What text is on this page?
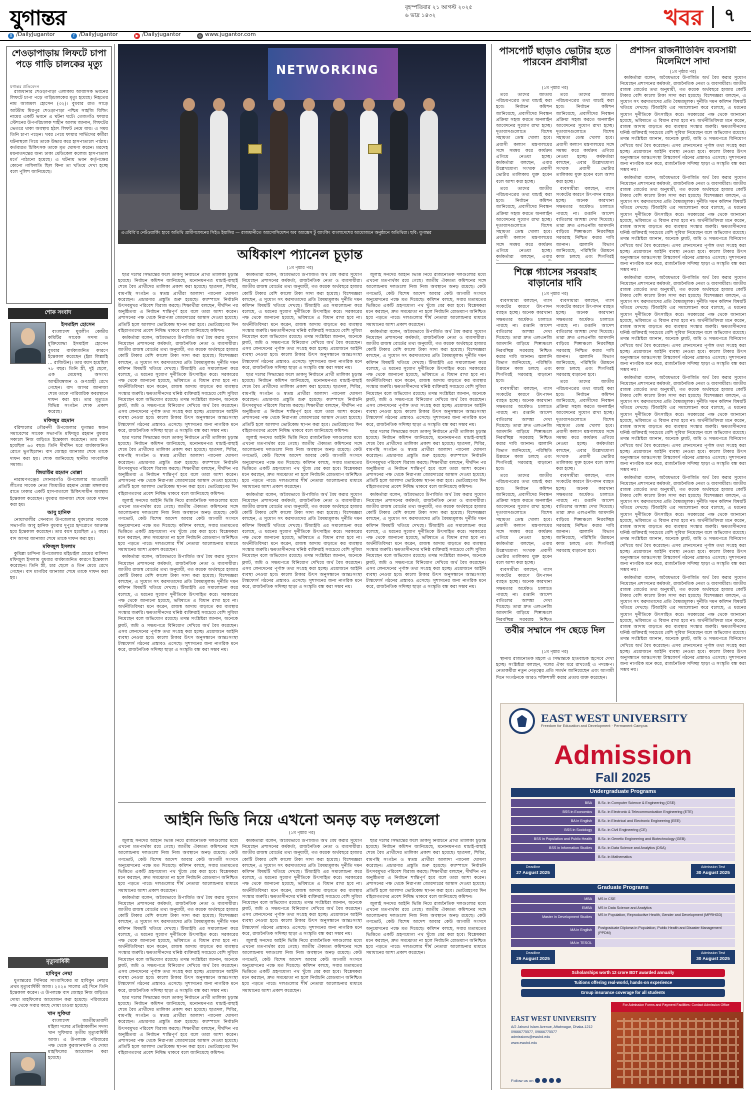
যুগান্তর	বৃহস্পতিবার ২১ আগস্ট ২০২৫
৬ ভাদ্র ১৪৩২	খবর ৭
X /DailyJugantor	f /DailyJugantor	▶ /Dailyjugantor	◎ www.jugantor.com
শেওড়াপাড়ায় লিফটে চাপা পড়ে গাড়ি চালকের মৃত্যু
যুগান্তর প্রতিবেদন

রাজধানীর শেওড়াপাড়া এলাকায় আবাসিক ভবনের লিফটে চাপা পড়ে গাড়িচালকের মৃত্যু হয়েছে। নিহতের নাম আজমল হোসেন (৩২)। বুধবার রাত সাড়ে আটটায় মিরপুর শেওড়াপাড়া পশ্চিম সাহজি বিল্ডিং নামের একটি ভবনে এ ঘটনা ঘটে। তেজগাঁও ফায়ার স্টেশনের উপপরিচালক শাহীন আলম জানান, লিফটের ভেতরে থাকা অবস্থায় হঠাৎ লিফট নেমে যায়। এ সময় তিনি চাপা পড়েন। খবর পেয়ে ফায়ার সার্ভিসের কর্মীরা ঘটনাস্থলে গিয়ে তাকে উদ্ধার করে হাসপাতালে পাঠায়। কর্তব্যরত চিকিৎসক তাকে মৃত ঘোষণা করেন। মরদেহ ময়নাতদন্তের জন্য ঢাকা মেডিকেল কলেজ হাসপাতাল মর্গে পাঠানো হয়েছে। এ ঘটনায় ভবন কর্তৃপক্ষের কোনো গাফিলতি ছিল কিনা তা খতিয়ে দেখা হচ্ছে বলে পুলিশ জানিয়েছে।

শোক সংবাদ
ইসমাইল হোসেন

বাংলাদেশ যুবলীগ কেন্দ্রীয় কমিটির সাবেক সদস্য ও মুক্তিযোদ্ধা ইসমাইল হোসেন বুধবার বার্ধক্যজনিত কারণে ইন্তেকাল করেছেন (ইন্না লিল্লাহি ... রাজিউন)। তার বয়স হয়েছিল ৭৮ বছর। তিনি স্ত্রী, দুই ছেলে, এক মেয়েসহ অসংখ্য আত্মীয়স্বজন ও গুণগ্রাহী রেখে গেছেন। বাদ আসর জানাজা শেষে তাকে পারিবারিক কবরস্থানে দাফন করা হয়। তার মৃত্যুতে বিভিন্ন সংগঠন শোক প্রকাশ করেছে।

মফিজুর রহমান

বরিশালের গৌরনদী উপজেলার যুগান্তর স্বজন সমাবেশের সাবেক সভাপতি মফিজুর রহমান বুধবার সকালে নিজ বাড়িতে ইন্তেকাল করেছেন। তার বয়স হয়েছিল ৬৫ বছর। তিনি দীর্ঘদিন ধরে বার্ধক্যজনিত রোগে ভুগছিলেন। বাদ জোহর জানাজা শেষে তাকে দাফন করা হয়। শোক জানিয়েছে স্থানীয় সাংবাদিক সমাজ।

জিয়াউর রহমান মোল্লা

নারায়ণগঞ্জের সোনারগাঁও উপজেলার আওয়ামী লীগের সাবেক নেতা জিয়াউর রহমান মোল্লা মঙ্গলবার রাতে ঢাকার একটি হাসপাতালে চিকিৎসাধীন অবস্থায় ইন্তেকাল করেছেন। বুধবার জানাজা শেষে তাকে দাফন করা হয়।

আবু হানিফ

নোয়াখালীর সেনবাগ উপজেলার যুবদলের সাবেক সভাপতি আবু হানিফ বুধবার দুপুরে হৃদরোগে আক্রান্ত হয়ে ইন্তেকাল করেছেন। তার বয়স হয়েছিল ৫২ বছর। বাদ আসর জানাজা শেষে তাকে দাফন করা হয়।

মফিজুল ইসলাম

কুমিল্লা চান্দিনা উপজেলার মহিচাইল গ্রামের বাসিন্দা মফিজুল ইসলাম বুধবার বার্ধক্যজনিত কারণে ইন্তেকাল করেছেন। তিনি স্ত্রী, চার ছেলে ও তিন মেয়ে রেখে গেছেন। বাদ মাগরিব জানাজা শেষে তাকে দাফন করা হয়।

মৃত্যুবার্ষিকী
হাবিবুন নেছা

যুগান্তরের সিনিয়র সাংবাদিকের মা হাবিবুন নেছার প্রথম মৃত্যুবার্ষিকী আজ। ২০২৪ সালের এই দিনে তিনি ইন্তেকাল করেন। এ উপলক্ষে বাদ জোহর নিজ বাড়িতে দোয়া মাহফিলের আয়োজন করা হয়েছে। পরিবারের পক্ষ থেকে সবার কাছে দোয়া চাওয়া হয়েছে।

খান সুফিয়া

বাংলাদেশ জাতীয়তাবাদী মহিলা দলের প্রতিষ্ঠাকালীন সদস্য খান সুফিয়ার তৃতীয় মৃত্যুবার্ষিকী আজ। এ উপলক্ষে পরিবারের পক্ষ থেকে কুরআনখানি ও দোয়া মাহফিলের আয়োজন করা হয়েছে।

NETWORKING
এএবিবি’র নেটওয়ার্কিং হাবে অতিথি গ্রামীণফোনের সিইও ইয়াসির — রাজধানীতে অ্যাসোসিয়েশন অব অ্যাক্সেস টু ব্যাংকিং বাংলাদেশের আয়োজনে অনুষ্ঠানে অতিথিরা। ছবি: যুগান্তর
অধিকাংশ প্যানেল চূড়ান্ত
(১ম পৃষ্ঠার পর)

ছাত্র দলের সিদ্ধান্তের ফলে ডাকসু নির্বাচনে প্রার্থী তালিকা চূড়ান্ত হয়েছে। নির্বাচন কমিশন জানিয়েছে, মনোনয়নপত্র যাচাই-বাছাই শেষে বৈধ প্রার্থীদের তালিকা প্রকাশ করা হয়েছে। ছাত্রদল, শিবির, বামপন্থি সংগঠন ও স্বতন্ত্র প্রার্থীরা আলাদা প্যানেল ঘোষণা করেছেন। প্রচারণার প্রস্তুতি শুরু হয়েছে। ক্যাম্পাসে নির্বাচনি উৎসবমুখর পরিবেশ বিরাজ করছে। শিক্ষার্থীরা বলছেন, দীর্ঘদিন পর অনুষ্ঠিতব্য এ নির্বাচন শান্তিপূর্ণ হবে বলে তারা আশা করেন। প্রশাসনের পক্ষ থেকে নিরাপত্তা জোরদারের আশ্বাস দেওয়া হয়েছে। প্রতিটি হলে আলাদা ভোটকেন্দ্র স্থাপন করা হবে। ভোটগ্রহণের দিন বহিরাগতদের প্রবেশ নিষিদ্ধ থাকবে বলে জানিয়েছে কমিশন।

কর্মকর্তারা বলেন, অবৈধভাবে উপার্জিত অর্থ বৈধ করার সুযোগ নিয়েছেন প্রশাসনের কর্মকর্তা, রাজনৈতিক নেতা ও ব্যবসায়ীরা। জাতীয় রাজস্ব বোর্ডের তথ্য অনুযায়ী, গত কয়েক অর্থবছরে হাজার কোটি টাকার বেশি কালো টাকা সাদা করা হয়েছে। বিশেষজ্ঞরা বলছেন, এ সুযোগ সৎ করদাতাদের প্রতি বৈষম্যমূলক। দুর্নীতি দমন কমিশন বিষয়টি খতিয়ে দেখছে। টিআইবি এর সমালোচনা করে বলেছে, এ ধরনের সুযোগ দুর্নীতিকে উৎসাহিত করে। সরকারের পক্ষ থেকে জানানো হয়েছে, ভবিষ্যতে এ বিধান রাখা হবে না। অর্থনীতিবিদরা মনে করেন, রাজস্ব আদায় বাড়াতে কর ব্যবস্থার সংস্কার জরুরি। ক্ষমতাসীনদের ঘনিষ্ঠ ব্যক্তিরাই সবচেয়ে বেশি সুবিধা নিয়েছেন বলে অভিযোগ রয়েছে। তদন্ত সংশ্লিষ্টরা জানান, অনেকে ফ্ল্যাট, জমি ও সঞ্চয়পত্রে বিনিয়োগ দেখিয়ে অর্থ বৈধ করেছেন। এসব লেনদেনের পূর্ণাঙ্গ তথ্য সংগ্রহ করা হচ্ছে। প্রয়োজনে আইনি ব্যবস্থা নেওয়া হবে। কালো টাকার উৎস অনুসন্ধানে আন্তঃসংস্থা টাস্কফোর্স গঠনের প্রস্তাবও এসেছে। সুশাসনের জন্য নাগরিক মনে করে, রাজনৈতিক সদিচ্ছা ছাড়া এ সংস্কৃতি বন্ধ করা সম্ভব নয়।

ছাত্র দলের সিদ্ধান্তের ফলে ডাকসু নির্বাচনে প্রার্থী তালিকা চূড়ান্ত হয়েছে। নির্বাচন কমিশন জানিয়েছে, মনোনয়নপত্র যাচাই-বাছাই শেষে বৈধ প্রার্থীদের তালিকা প্রকাশ করা হয়েছে। ছাত্রদল, শিবির, বামপন্থি সংগঠন ও স্বতন্ত্র প্রার্থীরা আলাদা প্যানেল ঘোষণা করেছেন। প্রচারণার প্রস্তুতি শুরু হয়েছে। ক্যাম্পাসে নির্বাচনি উৎসবমুখর পরিবেশ বিরাজ করছে। শিক্ষার্থীরা বলছেন, দীর্ঘদিন পর অনুষ্ঠিতব্য এ নির্বাচন শান্তিপূর্ণ হবে বলে তারা আশা করেন। প্রশাসনের পক্ষ থেকে নিরাপত্তা জোরদারের আশ্বাস দেওয়া হয়েছে। প্রতিটি হলে আলাদা ভোটকেন্দ্র স্থাপন করা হবে। ভোটগ্রহণের দিন বহিরাগতদের প্রবেশ নিষিদ্ধ থাকবে বলে জানিয়েছে কমিশন।

জুলাই সনদের আইনি ভিত্তি নিয়ে রাজনৈতিক দলগুলোর মধ্যে এখনো মতপার্থক্য রয়ে গেছে। জাতীয় ঐকমত্য কমিশনের সঙ্গে আলোচনায় দলগুলো নিজ নিজ অবস্থানে অনড় রয়েছে। কেউ গণভোট, কেউ বিশেষ আদেশ আবার কেউ আগামী সংসদে অনুমোদনের পক্ষে মত দিয়েছে। কমিশন বলছে, সবার মতামতের ভিত্তিতে একটি গ্রহণযোগ্য পথ খুঁজে বের করা হবে। বিশ্লেষকরা মনে করছেন, দ্রুত সমঝোতা না হলে নির্বাচনি রোডম্যাপ অনিশ্চিত হয়ে পড়তে পারে। দলগুলোর শীর্ষ নেতারা আলোচনার মাধ্যমে সমাধানের আশা প্রকাশ করেছেন।

কর্মকর্তারা বলেন, অবৈধভাবে উপার্জিত অর্থ বৈধ করার সুযোগ নিয়েছেন প্রশাসনের কর্মকর্তা, রাজনৈতিক নেতা ও ব্যবসায়ীরা। জাতীয় রাজস্ব বোর্ডের তথ্য অনুযায়ী, গত কয়েক অর্থবছরে হাজার কোটি টাকার বেশি কালো টাকা সাদা করা হয়েছে। বিশেষজ্ঞরা বলছেন, এ সুযোগ সৎ করদাতাদের প্রতি বৈষম্যমূলক। দুর্নীতি দমন কমিশন বিষয়টি খতিয়ে দেখছে। টিআইবি এর সমালোচনা করে বলেছে, এ ধরনের সুযোগ দুর্নীতিকে উৎসাহিত করে। সরকারের পক্ষ থেকে জানানো হয়েছে, ভবিষ্যতে এ বিধান রাখা হবে না। অর্থনীতিবিদরা মনে করেন, রাজস্ব আদায় বাড়াতে কর ব্যবস্থার সংস্কার জরুরি। ক্ষমতাসীনদের ঘনিষ্ঠ ব্যক্তিরাই সবচেয়ে বেশি সুবিধা নিয়েছেন বলে অভিযোগ রয়েছে। তদন্ত সংশ্লিষ্টরা জানান, অনেকে ফ্ল্যাট, জমি ও সঞ্চয়পত্রে বিনিয়োগ দেখিয়ে অর্থ বৈধ করেছেন। এসব লেনদেনের পূর্ণাঙ্গ তথ্য সংগ্রহ করা হচ্ছে। প্রয়োজনে আইনি ব্যবস্থা নেওয়া হবে। কালো টাকার উৎস অনুসন্ধানে আন্তঃসংস্থা টাস্কফোর্স গঠনের প্রস্তাবও এসেছে। সুশাসনের জন্য নাগরিক মনে করে, রাজনৈতিক সদিচ্ছা ছাড়া এ সংস্কৃতি বন্ধ করা সম্ভব নয়।

কর্মকর্তারা বলেন, অবৈধভাবে উপার্জিত অর্থ বৈধ করার সুযোগ নিয়েছেন প্রশাসনের কর্মকর্তা, রাজনৈতিক নেতা ও ব্যবসায়ীরা। জাতীয় রাজস্ব বোর্ডের তথ্য অনুযায়ী, গত কয়েক অর্থবছরে হাজার কোটি টাকার বেশি কালো টাকা সাদা করা হয়েছে। বিশেষজ্ঞরা বলছেন, এ সুযোগ সৎ করদাতাদের প্রতি বৈষম্যমূলক। দুর্নীতি দমন কমিশন বিষয়টি খতিয়ে দেখছে। টিআইবি এর সমালোচনা করে বলেছে, এ ধরনের সুযোগ দুর্নীতিকে উৎসাহিত করে। সরকারের পক্ষ থেকে জানানো হয়েছে, ভবিষ্যতে এ বিধান রাখা হবে না। অর্থনীতিবিদরা মনে করেন, রাজস্ব আদায় বাড়াতে কর ব্যবস্থার সংস্কার জরুরি। ক্ষমতাসীনদের ঘনিষ্ঠ ব্যক্তিরাই সবচেয়ে বেশি সুবিধা নিয়েছেন বলে অভিযোগ রয়েছে। তদন্ত সংশ্লিষ্টরা জানান, অনেকে ফ্ল্যাট, জমি ও সঞ্চয়পত্রে বিনিয়োগ দেখিয়ে অর্থ বৈধ করেছেন। এসব লেনদেনের পূর্ণাঙ্গ তথ্য সংগ্রহ করা হচ্ছে। প্রয়োজনে আইনি ব্যবস্থা নেওয়া হবে। কালো টাকার উৎস অনুসন্ধানে আন্তঃসংস্থা টাস্কফোর্স গঠনের প্রস্তাবও এসেছে। সুশাসনের জন্য নাগরিক মনে করে, রাজনৈতিক সদিচ্ছা ছাড়া এ সংস্কৃতি বন্ধ করা সম্ভব নয়।

ছাত্র দলের সিদ্ধান্তের ফলে ডাকসু নির্বাচনে প্রার্থী তালিকা চূড়ান্ত হয়েছে। নির্বাচন কমিশন জানিয়েছে, মনোনয়নপত্র যাচাই-বাছাই শেষে বৈধ প্রার্থীদের তালিকা প্রকাশ করা হয়েছে। ছাত্রদল, শিবির, বামপন্থি সংগঠন ও স্বতন্ত্র প্রার্থীরা আলাদা প্যানেল ঘোষণা করেছেন। প্রচারণার প্রস্তুতি শুরু হয়েছে। ক্যাম্পাসে নির্বাচনি উৎসবমুখর পরিবেশ বিরাজ করছে। শিক্ষার্থীরা বলছেন, দীর্ঘদিন পর অনুষ্ঠিতব্য এ নির্বাচন শান্তিপূর্ণ হবে বলে তারা আশা করেন। প্রশাসনের পক্ষ থেকে নিরাপত্তা জোরদারের আশ্বাস দেওয়া হয়েছে। প্রতিটি হলে আলাদা ভোটকেন্দ্র স্থাপন করা হবে। ভোটগ্রহণের দিন বহিরাগতদের প্রবেশ নিষিদ্ধ থাকবে বলে জানিয়েছে কমিশন।

জুলাই সনদের আইনি ভিত্তি নিয়ে রাজনৈতিক দলগুলোর মধ্যে এখনো মতপার্থক্য রয়ে গেছে। জাতীয় ঐকমত্য কমিশনের সঙ্গে আলোচনায় দলগুলো নিজ নিজ অবস্থানে অনড় রয়েছে। কেউ গণভোট, কেউ বিশেষ আদেশ আবার কেউ আগামী সংসদে অনুমোদনের পক্ষে মত দিয়েছে। কমিশন বলছে, সবার মতামতের ভিত্তিতে একটি গ্রহণযোগ্য পথ খুঁজে বের করা হবে। বিশ্লেষকরা মনে করছেন, দ্রুত সমঝোতা না হলে নির্বাচনি রোডম্যাপ অনিশ্চিত হয়ে পড়তে পারে। দলগুলোর শীর্ষ নেতারা আলোচনার মাধ্যমে সমাধানের আশা প্রকাশ করেছেন।

কর্মকর্তারা বলেন, অবৈধভাবে উপার্জিত অর্থ বৈধ করার সুযোগ নিয়েছেন প্রশাসনের কর্মকর্তা, রাজনৈতিক নেতা ও ব্যবসায়ীরা। জাতীয় রাজস্ব বোর্ডের তথ্য অনুযায়ী, গত কয়েক অর্থবছরে হাজার কোটি টাকার বেশি কালো টাকা সাদা করা হয়েছে। বিশেষজ্ঞরা বলছেন, এ সুযোগ সৎ করদাতাদের প্রতি বৈষম্যমূলক। দুর্নীতি দমন কমিশন বিষয়টি খতিয়ে দেখছে। টিআইবি এর সমালোচনা করে বলেছে, এ ধরনের সুযোগ দুর্নীতিকে উৎসাহিত করে। সরকারের পক্ষ থেকে জানানো হয়েছে, ভবিষ্যতে এ বিধান রাখা হবে না। অর্থনীতিবিদরা মনে করেন, রাজস্ব আদায় বাড়াতে কর ব্যবস্থার সংস্কার জরুরি। ক্ষমতাসীনদের ঘনিষ্ঠ ব্যক্তিরাই সবচেয়ে বেশি সুবিধা নিয়েছেন বলে অভিযোগ রয়েছে। তদন্ত সংশ্লিষ্টরা জানান, অনেকে ফ্ল্যাট, জমি ও সঞ্চয়পত্রে বিনিয়োগ দেখিয়ে অর্থ বৈধ করেছেন। এসব লেনদেনের পূর্ণাঙ্গ তথ্য সংগ্রহ করা হচ্ছে। প্রয়োজনে আইনি ব্যবস্থা নেওয়া হবে। কালো টাকার উৎস অনুসন্ধানে আন্তঃসংস্থা টাস্কফোর্স গঠনের প্রস্তাবও এসেছে। সুশাসনের জন্য নাগরিক মনে করে, রাজনৈতিক সদিচ্ছা ছাড়া এ সংস্কৃতি বন্ধ করা সম্ভব নয়।

জুলাই সনদের আইনি ভিত্তি নিয়ে রাজনৈতিক দলগুলোর মধ্যে এখনো মতপার্থক্য রয়ে গেছে। জাতীয় ঐকমত্য কমিশনের সঙ্গে আলোচনায় দলগুলো নিজ নিজ অবস্থানে অনড় রয়েছে। কেউ গণভোট, কেউ বিশেষ আদেশ আবার কেউ আগামী সংসদে অনুমোদনের পক্ষে মত দিয়েছে। কমিশন বলছে, সবার মতামতের ভিত্তিতে একটি গ্রহণযোগ্য পথ খুঁজে বের করা হবে। বিশ্লেষকরা মনে করছেন, দ্রুত সমঝোতা না হলে নির্বাচনি রোডম্যাপ অনিশ্চিত হয়ে পড়তে পারে। দলগুলোর শীর্ষ নেতারা আলোচনার মাধ্যমে সমাধানের আশা প্রকাশ করেছেন।

কর্মকর্তারা বলেন, অবৈধভাবে উপার্জিত অর্থ বৈধ করার সুযোগ নিয়েছেন প্রশাসনের কর্মকর্তা, রাজনৈতিক নেতা ও ব্যবসায়ীরা। জাতীয় রাজস্ব বোর্ডের তথ্য অনুযায়ী, গত কয়েক অর্থবছরে হাজার কোটি টাকার বেশি কালো টাকা সাদা করা হয়েছে। বিশেষজ্ঞরা বলছেন, এ সুযোগ সৎ করদাতাদের প্রতি বৈষম্যমূলক। দুর্নীতি দমন কমিশন বিষয়টি খতিয়ে দেখছে। টিআইবি এর সমালোচনা করে বলেছে, এ ধরনের সুযোগ দুর্নীতিকে উৎসাহিত করে। সরকারের পক্ষ থেকে জানানো হয়েছে, ভবিষ্যতে এ বিধান রাখা হবে না। অর্থনীতিবিদরা মনে করেন, রাজস্ব আদায় বাড়াতে কর ব্যবস্থার সংস্কার জরুরি। ক্ষমতাসীনদের ঘনিষ্ঠ ব্যক্তিরাই সবচেয়ে বেশি সুবিধা নিয়েছেন বলে অভিযোগ রয়েছে। তদন্ত সংশ্লিষ্টরা জানান, অনেকে ফ্ল্যাট, জমি ও সঞ্চয়পত্রে বিনিয়োগ দেখিয়ে অর্থ বৈধ করেছেন। এসব লেনদেনের পূর্ণাঙ্গ তথ্য সংগ্রহ করা হচ্ছে। প্রয়োজনে আইনি ব্যবস্থা নেওয়া হবে। কালো টাকার উৎস অনুসন্ধানে আন্তঃসংস্থা টাস্কফোর্স গঠনের প্রস্তাবও এসেছে। সুশাসনের জন্য নাগরিক মনে করে, রাজনৈতিক সদিচ্ছা ছাড়া এ সংস্কৃতি বন্ধ করা সম্ভব নয়।

ছাত্র দলের সিদ্ধান্তের ফলে ডাকসু নির্বাচনে প্রার্থী তালিকা চূড়ান্ত হয়েছে। নির্বাচন কমিশন জানিয়েছে, মনোনয়নপত্র যাচাই-বাছাই শেষে বৈধ প্রার্থীদের তালিকা প্রকাশ করা হয়েছে। ছাত্রদল, শিবির, বামপন্থি সংগঠন ও স্বতন্ত্র প্রার্থীরা আলাদা প্যানেল ঘোষণা করেছেন। প্রচারণার প্রস্তুতি শুরু হয়েছে। ক্যাম্পাসে নির্বাচনি উৎসবমুখর পরিবেশ বিরাজ করছে। শিক্ষার্থীরা বলছেন, দীর্ঘদিন পর অনুষ্ঠিতব্য এ নির্বাচন শান্তিপূর্ণ হবে বলে তারা আশা করেন। প্রশাসনের পক্ষ থেকে নিরাপত্তা জোরদারের আশ্বাস দেওয়া হয়েছে। প্রতিটি হলে আলাদা ভোটকেন্দ্র স্থাপন করা হবে। ভোটগ্রহণের দিন বহিরাগতদের প্রবেশ নিষিদ্ধ থাকবে বলে জানিয়েছে কমিশন।

কর্মকর্তারা বলেন, অবৈধভাবে উপার্জিত অর্থ বৈধ করার সুযোগ নিয়েছেন প্রশাসনের কর্মকর্তা, রাজনৈতিক নেতা ও ব্যবসায়ীরা। জাতীয় রাজস্ব বোর্ডের তথ্য অনুযায়ী, গত কয়েক অর্থবছরে হাজার কোটি টাকার বেশি কালো টাকা সাদা করা হয়েছে। বিশেষজ্ঞরা বলছেন, এ সুযোগ সৎ করদাতাদের প্রতি বৈষম্যমূলক। দুর্নীতি দমন কমিশন বিষয়টি খতিয়ে দেখছে। টিআইবি এর সমালোচনা করে বলেছে, এ ধরনের সুযোগ দুর্নীতিকে উৎসাহিত করে। সরকারের পক্ষ থেকে জানানো হয়েছে, ভবিষ্যতে এ বিধান রাখা হবে না। অর্থনীতিবিদরা মনে করেন, রাজস্ব আদায় বাড়াতে কর ব্যবস্থার সংস্কার জরুরি। ক্ষমতাসীনদের ঘনিষ্ঠ ব্যক্তিরাই সবচেয়ে বেশি সুবিধা নিয়েছেন বলে অভিযোগ রয়েছে। তদন্ত সংশ্লিষ্টরা জানান, অনেকে ফ্ল্যাট, জমি ও সঞ্চয়পত্রে বিনিয়োগ দেখিয়ে অর্থ বৈধ করেছেন। এসব লেনদেনের পূর্ণাঙ্গ তথ্য সংগ্রহ করা হচ্ছে। প্রয়োজনে আইনি ব্যবস্থা নেওয়া হবে। কালো টাকার উৎস অনুসন্ধানে আন্তঃসংস্থা টাস্কফোর্স গঠনের প্রস্তাবও এসেছে। সুশাসনের জন্য নাগরিক মনে করে, রাজনৈতিক সদিচ্ছা ছাড়া এ সংস্কৃতি বন্ধ করা সম্ভব নয়।

আইনি ভিত্তি নিয়ে এখনো অনড় বড় দলগুলো
(১ম পৃষ্ঠার পর)

জুলাই সনদের আইনি ভিত্তি নিয়ে রাজনৈতিক দলগুলোর মধ্যে এখনো মতপার্থক্য রয়ে গেছে। জাতীয় ঐকমত্য কমিশনের সঙ্গে আলোচনায় দলগুলো নিজ নিজ অবস্থানে অনড় রয়েছে। কেউ গণভোট, কেউ বিশেষ আদেশ আবার কেউ আগামী সংসদে অনুমোদনের পক্ষে মত দিয়েছে। কমিশন বলছে, সবার মতামতের ভিত্তিতে একটি গ্রহণযোগ্য পথ খুঁজে বের করা হবে। বিশ্লেষকরা মনে করছেন, দ্রুত সমঝোতা না হলে নির্বাচনি রোডম্যাপ অনিশ্চিত হয়ে পড়তে পারে। দলগুলোর শীর্ষ নেতারা আলোচনার মাধ্যমে সমাধানের আশা প্রকাশ করেছেন।

কর্মকর্তারা বলেন, অবৈধভাবে উপার্জিত অর্থ বৈধ করার সুযোগ নিয়েছেন প্রশাসনের কর্মকর্তা, রাজনৈতিক নেতা ও ব্যবসায়ীরা। জাতীয় রাজস্ব বোর্ডের তথ্য অনুযায়ী, গত কয়েক অর্থবছরে হাজার কোটি টাকার বেশি কালো টাকা সাদা করা হয়েছে। বিশেষজ্ঞরা বলছেন, এ সুযোগ সৎ করদাতাদের প্রতি বৈষম্যমূলক। দুর্নীতি দমন কমিশন বিষয়টি খতিয়ে দেখছে। টিআইবি এর সমালোচনা করে বলেছে, এ ধরনের সুযোগ দুর্নীতিকে উৎসাহিত করে। সরকারের পক্ষ থেকে জানানো হয়েছে, ভবিষ্যতে এ বিধান রাখা হবে না। অর্থনীতিবিদরা মনে করেন, রাজস্ব আদায় বাড়াতে কর ব্যবস্থার সংস্কার জরুরি। ক্ষমতাসীনদের ঘনিষ্ঠ ব্যক্তিরাই সবচেয়ে বেশি সুবিধা নিয়েছেন বলে অভিযোগ রয়েছে। তদন্ত সংশ্লিষ্টরা জানান, অনেকে ফ্ল্যাট, জমি ও সঞ্চয়পত্রে বিনিয়োগ দেখিয়ে অর্থ বৈধ করেছেন। এসব লেনদেনের পূর্ণাঙ্গ তথ্য সংগ্রহ করা হচ্ছে। প্রয়োজনে আইনি ব্যবস্থা নেওয়া হবে। কালো টাকার উৎস অনুসন্ধানে আন্তঃসংস্থা টাস্কফোর্স গঠনের প্রস্তাবও এসেছে। সুশাসনের জন্য নাগরিক মনে করে, রাজনৈতিক সদিচ্ছা ছাড়া এ সংস্কৃতি বন্ধ করা সম্ভব নয়।

ছাত্র দলের সিদ্ধান্তের ফলে ডাকসু নির্বাচনে প্রার্থী তালিকা চূড়ান্ত হয়েছে। নির্বাচন কমিশন জানিয়েছে, মনোনয়নপত্র যাচাই-বাছাই শেষে বৈধ প্রার্থীদের তালিকা প্রকাশ করা হয়েছে। ছাত্রদল, শিবির, বামপন্থি সংগঠন ও স্বতন্ত্র প্রার্থীরা আলাদা প্যানেল ঘোষণা করেছেন। প্রচারণার প্রস্তুতি শুরু হয়েছে। ক্যাম্পাসে নির্বাচনি উৎসবমুখর পরিবেশ বিরাজ করছে। শিক্ষার্থীরা বলছেন, দীর্ঘদিন পর অনুষ্ঠিতব্য এ নির্বাচন শান্তিপূর্ণ হবে বলে তারা আশা করেন। প্রশাসনের পক্ষ থেকে নিরাপত্তা জোরদারের আশ্বাস দেওয়া হয়েছে। প্রতিটি হলে আলাদা ভোটকেন্দ্র স্থাপন করা হবে। ভোটগ্রহণের দিন বহিরাগতদের প্রবেশ নিষিদ্ধ থাকবে বলে জানিয়েছে কমিশন।

কর্মকর্তারা বলেন, অবৈধভাবে উপার্জিত অর্থ বৈধ করার সুযোগ নিয়েছেন প্রশাসনের কর্মকর্তা, রাজনৈতিক নেতা ও ব্যবসায়ীরা। জাতীয় রাজস্ব বোর্ডের তথ্য অনুযায়ী, গত কয়েক অর্থবছরে হাজার কোটি টাকার বেশি কালো টাকা সাদা করা হয়েছে। বিশেষজ্ঞরা বলছেন, এ সুযোগ সৎ করদাতাদের প্রতি বৈষম্যমূলক। দুর্নীতি দমন কমিশন বিষয়টি খতিয়ে দেখছে। টিআইবি এর সমালোচনা করে বলেছে, এ ধরনের সুযোগ দুর্নীতিকে উৎসাহিত করে। সরকারের পক্ষ থেকে জানানো হয়েছে, ভবিষ্যতে এ বিধান রাখা হবে না। অর্থনীতিবিদরা মনে করেন, রাজস্ব আদায় বাড়াতে কর ব্যবস্থার সংস্কার জরুরি। ক্ষমতাসীনদের ঘনিষ্ঠ ব্যক্তিরাই সবচেয়ে বেশি সুবিধা নিয়েছেন বলে অভিযোগ রয়েছে। তদন্ত সংশ্লিষ্টরা জানান, অনেকে ফ্ল্যাট, জমি ও সঞ্চয়পত্রে বিনিয়োগ দেখিয়ে অর্থ বৈধ করেছেন। এসব লেনদেনের পূর্ণাঙ্গ তথ্য সংগ্রহ করা হচ্ছে। প্রয়োজনে আইনি ব্যবস্থা নেওয়া হবে। কালো টাকার উৎস অনুসন্ধানে আন্তঃসংস্থা টাস্কফোর্স গঠনের প্রস্তাবও এসেছে। সুশাসনের জন্য নাগরিক মনে করে, রাজনৈতিক সদিচ্ছা ছাড়া এ সংস্কৃতি বন্ধ করা সম্ভব নয়।

জুলাই সনদের আইনি ভিত্তি নিয়ে রাজনৈতিক দলগুলোর মধ্যে এখনো মতপার্থক্য রয়ে গেছে। জাতীয় ঐকমত্য কমিশনের সঙ্গে আলোচনায় দলগুলো নিজ নিজ অবস্থানে অনড় রয়েছে। কেউ গণভোট, কেউ বিশেষ আদেশ আবার কেউ আগামী সংসদে অনুমোদনের পক্ষে মত দিয়েছে। কমিশন বলছে, সবার মতামতের ভিত্তিতে একটি গ্রহণযোগ্য পথ খুঁজে বের করা হবে। বিশ্লেষকরা মনে করছেন, দ্রুত সমঝোতা না হলে নির্বাচনি রোডম্যাপ অনিশ্চিত হয়ে পড়তে পারে। দলগুলোর শীর্ষ নেতারা আলোচনার মাধ্যমে সমাধানের আশা প্রকাশ করেছেন।

ছাত্র দলের সিদ্ধান্তের ফলে ডাকসু নির্বাচনে প্রার্থী তালিকা চূড়ান্ত হয়েছে। নির্বাচন কমিশন জানিয়েছে, মনোনয়নপত্র যাচাই-বাছাই শেষে বৈধ প্রার্থীদের তালিকা প্রকাশ করা হয়েছে। ছাত্রদল, শিবির, বামপন্থি সংগঠন ও স্বতন্ত্র প্রার্থীরা আলাদা প্যানেল ঘোষণা করেছেন। প্রচারণার প্রস্তুতি শুরু হয়েছে। ক্যাম্পাসে নির্বাচনি উৎসবমুখর পরিবেশ বিরাজ করছে। শিক্ষার্থীরা বলছেন, দীর্ঘদিন পর অনুষ্ঠিতব্য এ নির্বাচন শান্তিপূর্ণ হবে বলে তারা আশা করেন। প্রশাসনের পক্ষ থেকে নিরাপত্তা জোরদারের আশ্বাস দেওয়া হয়েছে। প্রতিটি হলে আলাদা ভোটকেন্দ্র স্থাপন করা হবে। ভোটগ্রহণের দিন বহিরাগতদের প্রবেশ নিষিদ্ধ থাকবে বলে জানিয়েছে কমিশন।

জুলাই সনদের আইনি ভিত্তি নিয়ে রাজনৈতিক দলগুলোর মধ্যে এখনো মতপার্থক্য রয়ে গেছে। জাতীয় ঐকমত্য কমিশনের সঙ্গে আলোচনায় দলগুলো নিজ নিজ অবস্থানে অনড় রয়েছে। কেউ গণভোট, কেউ বিশেষ আদেশ আবার কেউ আগামী সংসদে অনুমোদনের পক্ষে মত দিয়েছে। কমিশন বলছে, সবার মতামতের ভিত্তিতে একটি গ্রহণযোগ্য পথ খুঁজে বের করা হবে। বিশ্লেষকরা মনে করছেন, দ্রুত সমঝোতা না হলে নির্বাচনি রোডম্যাপ অনিশ্চিত হয়ে পড়তে পারে। দলগুলোর শীর্ষ নেতারা আলোচনার মাধ্যমে সমাধানের আশা প্রকাশ করেছেন।

পাসপোর্ট ছাড়াও ভোটার হতে পারবেন প্রবাসীরা
(১ম পৃষ্ঠার পর)

তবে তাদের জাতীয় পরিচয়পত্রের তথ্য যাচাই করা হবে। নির্বাচন কমিশন জানিয়েছে, প্রবাসীদের নিবন্ধন প্রক্রিয়া সহজ করতে অনলাইন আবেদনের সুযোগ রাখা হচ্ছে। দূতাবাসগুলোতে বিশেষ সহায়তা ডেস্ক খোলা হবে। প্রবাসী কল্যাণ মন্ত্রণালয়ের সঙ্গে সমন্বয় করে কার্যক্রম এগিয়ে নেওয়া হচ্ছে। কর্মকর্তারা বলছেন, এবার উল্লেখযোগ্য সংখ্যক প্রবাসী ভোটার তালিকায় যুক্ত হবেন বলে আশা করা হচ্ছে।

তবে তাদের জাতীয় পরিচয়পত্রের তথ্য যাচাই করা হবে। নির্বাচন কমিশন জানিয়েছে, প্রবাসীদের নিবন্ধন প্রক্রিয়া সহজ করতে অনলাইন আবেদনের সুযোগ রাখা হচ্ছে। দূতাবাসগুলোতে বিশেষ সহায়তা ডেস্ক খোলা হবে। প্রবাসী কল্যাণ মন্ত্রণালয়ের সঙ্গে সমন্বয় করে কার্যক্রম এগিয়ে নেওয়া হচ্ছে। কর্মকর্তারা বলছেন, এবার

তবে তাদের জাতীয় পরিচয়পত্রের তথ্য যাচাই করা হবে। নির্বাচন কমিশন জানিয়েছে, প্রবাসীদের নিবন্ধন প্রক্রিয়া সহজ করতে অনলাইন আবেদনের সুযোগ রাখা হচ্ছে। দূতাবাসগুলোতে বিশেষ সহায়তা ডেস্ক খোলা হবে। প্রবাসী কল্যাণ মন্ত্রণালয়ের সঙ্গে সমন্বয় করে কার্যক্রম এগিয়ে নেওয়া হচ্ছে। কর্মকর্তারা বলছেন, এবার উল্লেখযোগ্য সংখ্যক প্রবাসী ভোটার তালিকায় যুক্ত হবেন বলে আশা করা হচ্ছে।

ব্যবসায়ীরা বলছেন, গ্যাস সংকটের কারণে উৎপাদন ব্যাহত হচ্ছে। অনেক কারখানা সক্ষমতার অর্ধেকও চালাতে পারছে না। রপ্তানি আদেশ বাতিলের আশঙ্কা দেখা দিয়েছে। তারা দ্রুত এলএনজি আমদানি বাড়িয়ে শিল্পাঞ্চলে নিরবচ্ছিন্ন সরবরাহ নিশ্চিত করার দাবি জানান। জ্বালানি বিভাগ জানিয়েছে, পরিস্থিতি উন্নয়নে কাজ চলছে এবং শিগগিরই

শিল্পে গ্যাসের সরবরাহ বাড়ানোর দাবি
(১ম পৃষ্ঠার পর)

ব্যবসায়ীরা বলছেন, গ্যাস সংকটের কারণে উৎপাদন ব্যাহত হচ্ছে। অনেক কারখানা সক্ষমতার অর্ধেকও চালাতে পারছে না। রপ্তানি আদেশ বাতিলের আশঙ্কা দেখা দিয়েছে। তারা দ্রুত এলএনজি আমদানি বাড়িয়ে শিল্পাঞ্চলে নিরবচ্ছিন্ন সরবরাহ নিশ্চিত করার দাবি জানান। জ্বালানি বিভাগ জানিয়েছে, পরিস্থিতি উন্নয়নে কাজ চলছে এবং শিগগিরই সরবরাহ বাড়ানো হবে।

ব্যবসায়ীরা বলছেন, গ্যাস সংকটের কারণে উৎপাদন ব্যাহত হচ্ছে। অনেক কারখানা সক্ষমতার অর্ধেকও চালাতে পারছে না। রপ্তানি আদেশ বাতিলের আশঙ্কা দেখা দিয়েছে। তারা দ্রুত এলএনজি আমদানি বাড়িয়ে শিল্পাঞ্চলে নিরবচ্ছিন্ন সরবরাহ নিশ্চিত করার দাবি জানান। জ্বালানি বিভাগ জানিয়েছে, পরিস্থিতি উন্নয়নে কাজ চলছে এবং শিগগিরই সরবরাহ বাড়ানো হবে।

তবে তাদের জাতীয় পরিচয়পত্রের তথ্য যাচাই করা হবে। নির্বাচন কমিশন জানিয়েছে, প্রবাসীদের নিবন্ধন প্রক্রিয়া সহজ করতে অনলাইন আবেদনের সুযোগ রাখা হচ্ছে। দূতাবাসগুলোতে বিশেষ সহায়তা ডেস্ক খোলা হবে। প্রবাসী কল্যাণ মন্ত্রণালয়ের সঙ্গে সমন্বয় করে কার্যক্রম এগিয়ে নেওয়া হচ্ছে। কর্মকর্তারা বলছেন, এবার উল্লেখযোগ্য সংখ্যক প্রবাসী ভোটার তালিকায় যুক্ত হবেন বলে আশা করা হচ্ছে।

ব্যবসায়ীরা বলছেন, গ্যাস সংকটের কারণে উৎপাদন ব্যাহত হচ্ছে। অনেক কারখানা সক্ষমতার অর্ধেকও চালাতে পারছে না। রপ্তানি আদেশ বাতিলের আশঙ্কা দেখা দিয়েছে। তারা দ্রুত এলএনজি আমদানি বাড়িয়ে শিল্পাঞ্চলে নিরবচ্ছিন্ন সরবরাহ নিশ্চিত

ব্যবসায়ীরা বলছেন, গ্যাস সংকটের কারণে উৎপাদন ব্যাহত হচ্ছে। অনেক কারখানা সক্ষমতার অর্ধেকও চালাতে পারছে না। রপ্তানি আদেশ বাতিলের আশঙ্কা দেখা দিয়েছে। তারা দ্রুত এলএনজি আমদানি বাড়িয়ে শিল্পাঞ্চলে নিরবচ্ছিন্ন সরবরাহ নিশ্চিত করার দাবি জানান। জ্বালানি বিভাগ জানিয়েছে, পরিস্থিতি উন্নয়নে কাজ চলছে এবং শিগগিরই সরবরাহ বাড়ানো হবে।

তবে তাদের জাতীয় পরিচয়পত্রের তথ্য যাচাই করা হবে। নির্বাচন কমিশন জানিয়েছে, প্রবাসীদের নিবন্ধন প্রক্রিয়া সহজ করতে অনলাইন আবেদনের সুযোগ রাখা হচ্ছে। দূতাবাসগুলোতে বিশেষ সহায়তা ডেস্ক খোলা হবে। প্রবাসী কল্যাণ মন্ত্রণালয়ের সঙ্গে সমন্বয় করে কার্যক্রম এগিয়ে নেওয়া হচ্ছে। কর্মকর্তারা বলছেন, এবার উল্লেখযোগ্য সংখ্যক প্রবাসী ভোটার তালিকায় যুক্ত হবেন বলে আশা করা হচ্ছে।

ব্যবসায়ীরা বলছেন, গ্যাস সংকটের কারণে উৎপাদন ব্যাহত হচ্ছে। অনেক কারখানা সক্ষমতার অর্ধেকও চালাতে পারছে না। রপ্তানি আদেশ বাতিলের আশঙ্কা দেখা দিয়েছে। তারা দ্রুত এলএনজি আমদানি বাড়িয়ে শিল্পাঞ্চলে নিরবচ্ছিন্ন সরবরাহ নিশ্চিত করার দাবি জানান। জ্বালানি বিভাগ জানিয়েছে, পরিস্থিতি উন্নয়নে কাজ চলছে এবং শিগগিরই সরবরাহ বাড়ানো হবে।

প্রশাসন রাজনীতিবিদ ব্যবসায়ী মিলেমিশে সাদা
(১ম পৃষ্ঠার পর)

কর্মকর্তারা বলেন, অবৈধভাবে উপার্জিত অর্থ বৈধ করার সুযোগ নিয়েছেন প্রশাসনের কর্মকর্তা, রাজনৈতিক নেতা ও ব্যবসায়ীরা। জাতীয় রাজস্ব বোর্ডের তথ্য অনুযায়ী, গত কয়েক অর্থবছরে হাজার কোটি টাকার বেশি কালো টাকা সাদা করা হয়েছে। বিশেষজ্ঞরা বলছেন, এ সুযোগ সৎ করদাতাদের প্রতি বৈষম্যমূলক। দুর্নীতি দমন কমিশন বিষয়টি খতিয়ে দেখছে। টিআইবি এর সমালোচনা করে বলেছে, এ ধরনের সুযোগ দুর্নীতিকে উৎসাহিত করে। সরকারের পক্ষ থেকে জানানো হয়েছে, ভবিষ্যতে এ বিধান রাখা হবে না। অর্থনীতিবিদরা মনে করেন, রাজস্ব আদায় বাড়াতে কর ব্যবস্থার সংস্কার জরুরি। ক্ষমতাসীনদের ঘনিষ্ঠ ব্যক্তিরাই সবচেয়ে বেশি সুবিধা নিয়েছেন বলে অভিযোগ রয়েছে। তদন্ত সংশ্লিষ্টরা জানান, অনেকে ফ্ল্যাট, জমি ও সঞ্চয়পত্রে বিনিয়োগ দেখিয়ে অর্থ বৈধ করেছেন। এসব লেনদেনের পূর্ণাঙ্গ তথ্য সংগ্রহ করা হচ্ছে। প্রয়োজনে আইনি ব্যবস্থা নেওয়া হবে। কালো টাকার উৎস অনুসন্ধানে আন্তঃসংস্থা টাস্কফোর্স গঠনের প্রস্তাবও এসেছে। সুশাসনের জন্য নাগরিক মনে করে, রাজনৈতিক সদিচ্ছা ছাড়া এ সংস্কৃতি বন্ধ করা সম্ভব নয়।

কর্মকর্তারা বলেন, অবৈধভাবে উপার্জিত অর্থ বৈধ করার সুযোগ নিয়েছেন প্রশাসনের কর্মকর্তা, রাজনৈতিক নেতা ও ব্যবসায়ীরা। জাতীয় রাজস্ব বোর্ডের তথ্য অনুযায়ী, গত কয়েক অর্থবছরে হাজার কোটি টাকার বেশি কালো টাকা সাদা করা হয়েছে। বিশেষজ্ঞরা বলছেন, এ সুযোগ সৎ করদাতাদের প্রতি বৈষম্যমূলক। দুর্নীতি দমন কমিশন বিষয়টি খতিয়ে দেখছে। টিআইবি এর সমালোচনা করে বলেছে, এ ধরনের সুযোগ দুর্নীতিকে উৎসাহিত করে। সরকারের পক্ষ থেকে জানানো হয়েছে, ভবিষ্যতে এ বিধান রাখা হবে না। অর্থনীতিবিদরা মনে করেন, রাজস্ব আদায় বাড়াতে কর ব্যবস্থার সংস্কার জরুরি। ক্ষমতাসীনদের ঘনিষ্ঠ ব্যক্তিরাই সবচেয়ে বেশি সুবিধা নিয়েছেন বলে অভিযোগ রয়েছে। তদন্ত সংশ্লিষ্টরা জানান, অনেকে ফ্ল্যাট, জমি ও সঞ্চয়পত্রে বিনিয়োগ দেখিয়ে অর্থ বৈধ করেছেন। এসব লেনদেনের পূর্ণাঙ্গ তথ্য সংগ্রহ করা হচ্ছে। প্রয়োজনে আইনি ব্যবস্থা নেওয়া হবে। কালো টাকার উৎস অনুসন্ধানে আন্তঃসংস্থা টাস্কফোর্স গঠনের প্রস্তাবও এসেছে। সুশাসনের জন্য নাগরিক মনে করে, রাজনৈতিক সদিচ্ছা ছাড়া এ সংস্কৃতি বন্ধ করা সম্ভব নয়।

কর্মকর্তারা বলেন, অবৈধভাবে উপার্জিত অর্থ বৈধ করার সুযোগ নিয়েছেন প্রশাসনের কর্মকর্তা, রাজনৈতিক নেতা ও ব্যবসায়ীরা। জাতীয় রাজস্ব বোর্ডের তথ্য অনুযায়ী, গত কয়েক অর্থবছরে হাজার কোটি টাকার বেশি কালো টাকা সাদা করা হয়েছে। বিশেষজ্ঞরা বলছেন, এ সুযোগ সৎ করদাতাদের প্রতি বৈষম্যমূলক। দুর্নীতি দমন কমিশন বিষয়টি খতিয়ে দেখছে। টিআইবি এর সমালোচনা করে বলেছে, এ ধরনের সুযোগ দুর্নীতিকে উৎসাহিত করে। সরকারের পক্ষ থেকে জানানো হয়েছে, ভবিষ্যতে এ বিধান রাখা হবে না। অর্থনীতিবিদরা মনে করেন, রাজস্ব আদায় বাড়াতে কর ব্যবস্থার সংস্কার জরুরি। ক্ষমতাসীনদের ঘনিষ্ঠ ব্যক্তিরাই সবচেয়ে বেশি সুবিধা নিয়েছেন বলে অভিযোগ রয়েছে। তদন্ত সংশ্লিষ্টরা জানান, অনেকে ফ্ল্যাট, জমি ও সঞ্চয়পত্রে বিনিয়োগ দেখিয়ে অর্থ বৈধ করেছেন। এসব লেনদেনের পূর্ণাঙ্গ তথ্য সংগ্রহ করা হচ্ছে। প্রয়োজনে আইনি ব্যবস্থা নেওয়া হবে। কালো টাকার উৎস অনুসন্ধানে আন্তঃসংস্থা টাস্কফোর্স গঠনের প্রস্তাবও এসেছে। সুশাসনের জন্য নাগরিক মনে করে, রাজনৈতিক সদিচ্ছা ছাড়া এ সংস্কৃতি বন্ধ করা সম্ভব নয়।

কর্মকর্তারা বলেন, অবৈধভাবে উপার্জিত অর্থ বৈধ করার সুযোগ নিয়েছেন প্রশাসনের কর্মকর্তা, রাজনৈতিক নেতা ও ব্যবসায়ীরা। জাতীয় রাজস্ব বোর্ডের তথ্য অনুযায়ী, গত কয়েক অর্থবছরে হাজার কোটি টাকার বেশি কালো টাকা সাদা করা হয়েছে। বিশেষজ্ঞরা বলছেন, এ সুযোগ সৎ করদাতাদের প্রতি বৈষম্যমূলক। দুর্নীতি দমন কমিশন বিষয়টি খতিয়ে দেখছে। টিআইবি এর সমালোচনা করে বলেছে, এ ধরনের সুযোগ দুর্নীতিকে উৎসাহিত করে। সরকারের পক্ষ থেকে জানানো হয়েছে, ভবিষ্যতে এ বিধান রাখা হবে না। অর্থনীতিবিদরা মনে করেন, রাজস্ব আদায় বাড়াতে কর ব্যবস্থার সংস্কার জরুরি। ক্ষমতাসীনদের ঘনিষ্ঠ ব্যক্তিরাই সবচেয়ে বেশি সুবিধা নিয়েছেন বলে অভিযোগ রয়েছে। তদন্ত সংশ্লিষ্টরা জানান, অনেকে ফ্ল্যাট, জমি ও সঞ্চয়পত্রে বিনিয়োগ দেখিয়ে অর্থ বৈধ করেছেন। এসব লেনদেনের পূর্ণাঙ্গ তথ্য সংগ্রহ করা হচ্ছে। প্রয়োজনে আইনি ব্যবস্থা নেওয়া হবে। কালো টাকার উৎস অনুসন্ধানে আন্তঃসংস্থা টাস্কফোর্স গঠনের প্রস্তাবও এসেছে। সুশাসনের জন্য নাগরিক মনে করে, রাজনৈতিক সদিচ্ছা ছাড়া এ সংস্কৃতি বন্ধ করা সম্ভব নয়।

কর্মকর্তারা বলেন, অবৈধভাবে উপার্জিত অর্থ বৈধ করার সুযোগ নিয়েছেন প্রশাসনের কর্মকর্তা, রাজনৈতিক নেতা ও ব্যবসায়ীরা। জাতীয় রাজস্ব বোর্ডের তথ্য অনুযায়ী, গত কয়েক অর্থবছরে হাজার কোটি টাকার বেশি কালো টাকা সাদা করা হয়েছে। বিশেষজ্ঞরা বলছেন, এ সুযোগ সৎ করদাতাদের প্রতি বৈষম্যমূলক। দুর্নীতি দমন কমিশন বিষয়টি খতিয়ে দেখছে। টিআইবি এর সমালোচনা করে বলেছে, এ ধরনের সুযোগ দুর্নীতিকে উৎসাহিত করে। সরকারের পক্ষ থেকে জানানো হয়েছে, ভবিষ্যতে এ বিধান রাখা হবে না। অর্থনীতিবিদরা মনে করেন, রাজস্ব আদায় বাড়াতে কর ব্যবস্থার সংস্কার জরুরি। ক্ষমতাসীনদের ঘনিষ্ঠ ব্যক্তিরাই সবচেয়ে বেশি সুবিধা নিয়েছেন বলে অভিযোগ রয়েছে। তদন্ত সংশ্লিষ্টরা জানান, অনেকে ফ্ল্যাট, জমি ও সঞ্চয়পত্রে বিনিয়োগ দেখিয়ে অর্থ বৈধ করেছেন। এসব লেনদেনের পূর্ণাঙ্গ তথ্য সংগ্রহ করা হচ্ছে। প্রয়োজনে আইনি ব্যবস্থা নেওয়া হবে। কালো টাকার উৎস অনুসন্ধানে আন্তঃসংস্থা টাস্কফোর্স গঠনের প্রস্তাবও এসেছে। সুশাসনের জন্য নাগরিক মনে করে, রাজনৈতিক সদিচ্ছা ছাড়া এ সংস্কৃতি বন্ধ করা সম্ভব নয়।

কর্মকর্তারা বলেন, অবৈধভাবে উপার্জিত অর্থ বৈধ করার সুযোগ নিয়েছেন প্রশাসনের কর্মকর্তা, রাজনৈতিক নেতা ও ব্যবসায়ীরা। জাতীয় রাজস্ব বোর্ডের তথ্য অনুযায়ী, গত কয়েক অর্থবছরে হাজার কোটি টাকার বেশি কালো টাকা সাদা করা হয়েছে। বিশেষজ্ঞরা বলছেন, এ সুযোগ সৎ করদাতাদের প্রতি বৈষম্যমূলক। দুর্নীতি দমন কমিশন বিষয়টি খতিয়ে দেখছে। টিআইবি এর সমালোচনা করে বলেছে, এ ধরনের সুযোগ দুর্নীতিকে উৎসাহিত করে। সরকারের পক্ষ থেকে জানানো হয়েছে, ভবিষ্যতে এ বিধান রাখা হবে না। অর্থনীতিবিদরা মনে করেন, রাজস্ব আদায় বাড়াতে কর ব্যবস্থার সংস্কার জরুরি। ক্ষমতাসীনদের ঘনিষ্ঠ ব্যক্তিরাই সবচেয়ে বেশি সুবিধা নিয়েছেন বলে অভিযোগ রয়েছে। তদন্ত সংশ্লিষ্টরা জানান, অনেকে ফ্ল্যাট, জমি ও সঞ্চয়পত্রে বিনিয়োগ দেখিয়ে অর্থ বৈধ করেছেন। এসব লেনদেনের পূর্ণাঙ্গ তথ্য সংগ্রহ করা হচ্ছে। প্রয়োজনে আইনি ব্যবস্থা নেওয়া হবে। কালো টাকার উৎস অনুসন্ধানে আন্তঃসংস্থা টাস্কফোর্স গঠনের প্রস্তাবও এসেছে। সুশাসনের জন্য নাগরিক মনে করে, রাজনৈতিক সদিচ্ছা ছাড়া এ সংস্কৃতি বন্ধ করা সম্ভব নয়।

EAST WEST UNIVERSITY
Freedom for Education and Development · Permanent Campus
Admission
Fall 2025
Undergraduate Programs
BBA	B.Sc. in Computer Science & Engineering (CSE)
BSS in Economics	B.Sc. in Electronic & Telecommunication Engineering (ETE)
BA in English	B.Sc. in Electrical and Electronic Engineering (EEE)
BSS in Sociology	B.Sc. in Civil Engineering (CE)
BSS in Population and Public Health	B.Sc. in Genetic Engineering and Biotechnology (GEB)
BSS in Information Studies	B.Sc. in Data Science and Analytics (DSA)
B.Sc. in Mathematics
Deadline
27 August 2025
Admission Test
30 August 2025
Graduate Programs
MBA	MS in CSE
EMBA	MS in Data Science and Analytics
Master in Development Studies	MS in Population, Reproductive Health, Gender and Development (MPRHGD)
MA in English	Postgraduate Diploma in Population, Public Health and Disaster Management (PPDM)
MA in TESOL
Deadline
29 August 2025
Admission Test
30 August 2025
Scholarships worth 12 crore BDT awarded annually
Tuitions offering real-world, hands-on experience
Group insurance coverage for all students
For Admission Forms and Payment Facilities: Contact Admission Office
EAST WEST UNIVERSITY
A/2 Jahurul Islam Avenue, Aftabnagar, Dhaka-1212
09666775577, 09666775577
admissions@ewubd.edu
www.ewubd.edu
Follow us on
তবীর সম্মানে পদ ছেড়ে দিল
(১ম পৃষ্ঠার পর)

স্থানীয় রাজনৈতিক মহলে এ সিদ্ধান্তকে ইতিবাচক হিসেবে দেখা হচ্ছে। সংশ্লিষ্টরা বলছেন, দলের ঐক্য ধরে রাখতেই এ পদক্ষেপ। নেতাকর্মীরা নতুন নেতৃত্বের প্রতি সমর্থন জানিয়েছেন এবং আগামী দিনে সংগঠনকে আরও শক্তিশালী করার প্রত্যয় ব্যক্ত করেছেন।
